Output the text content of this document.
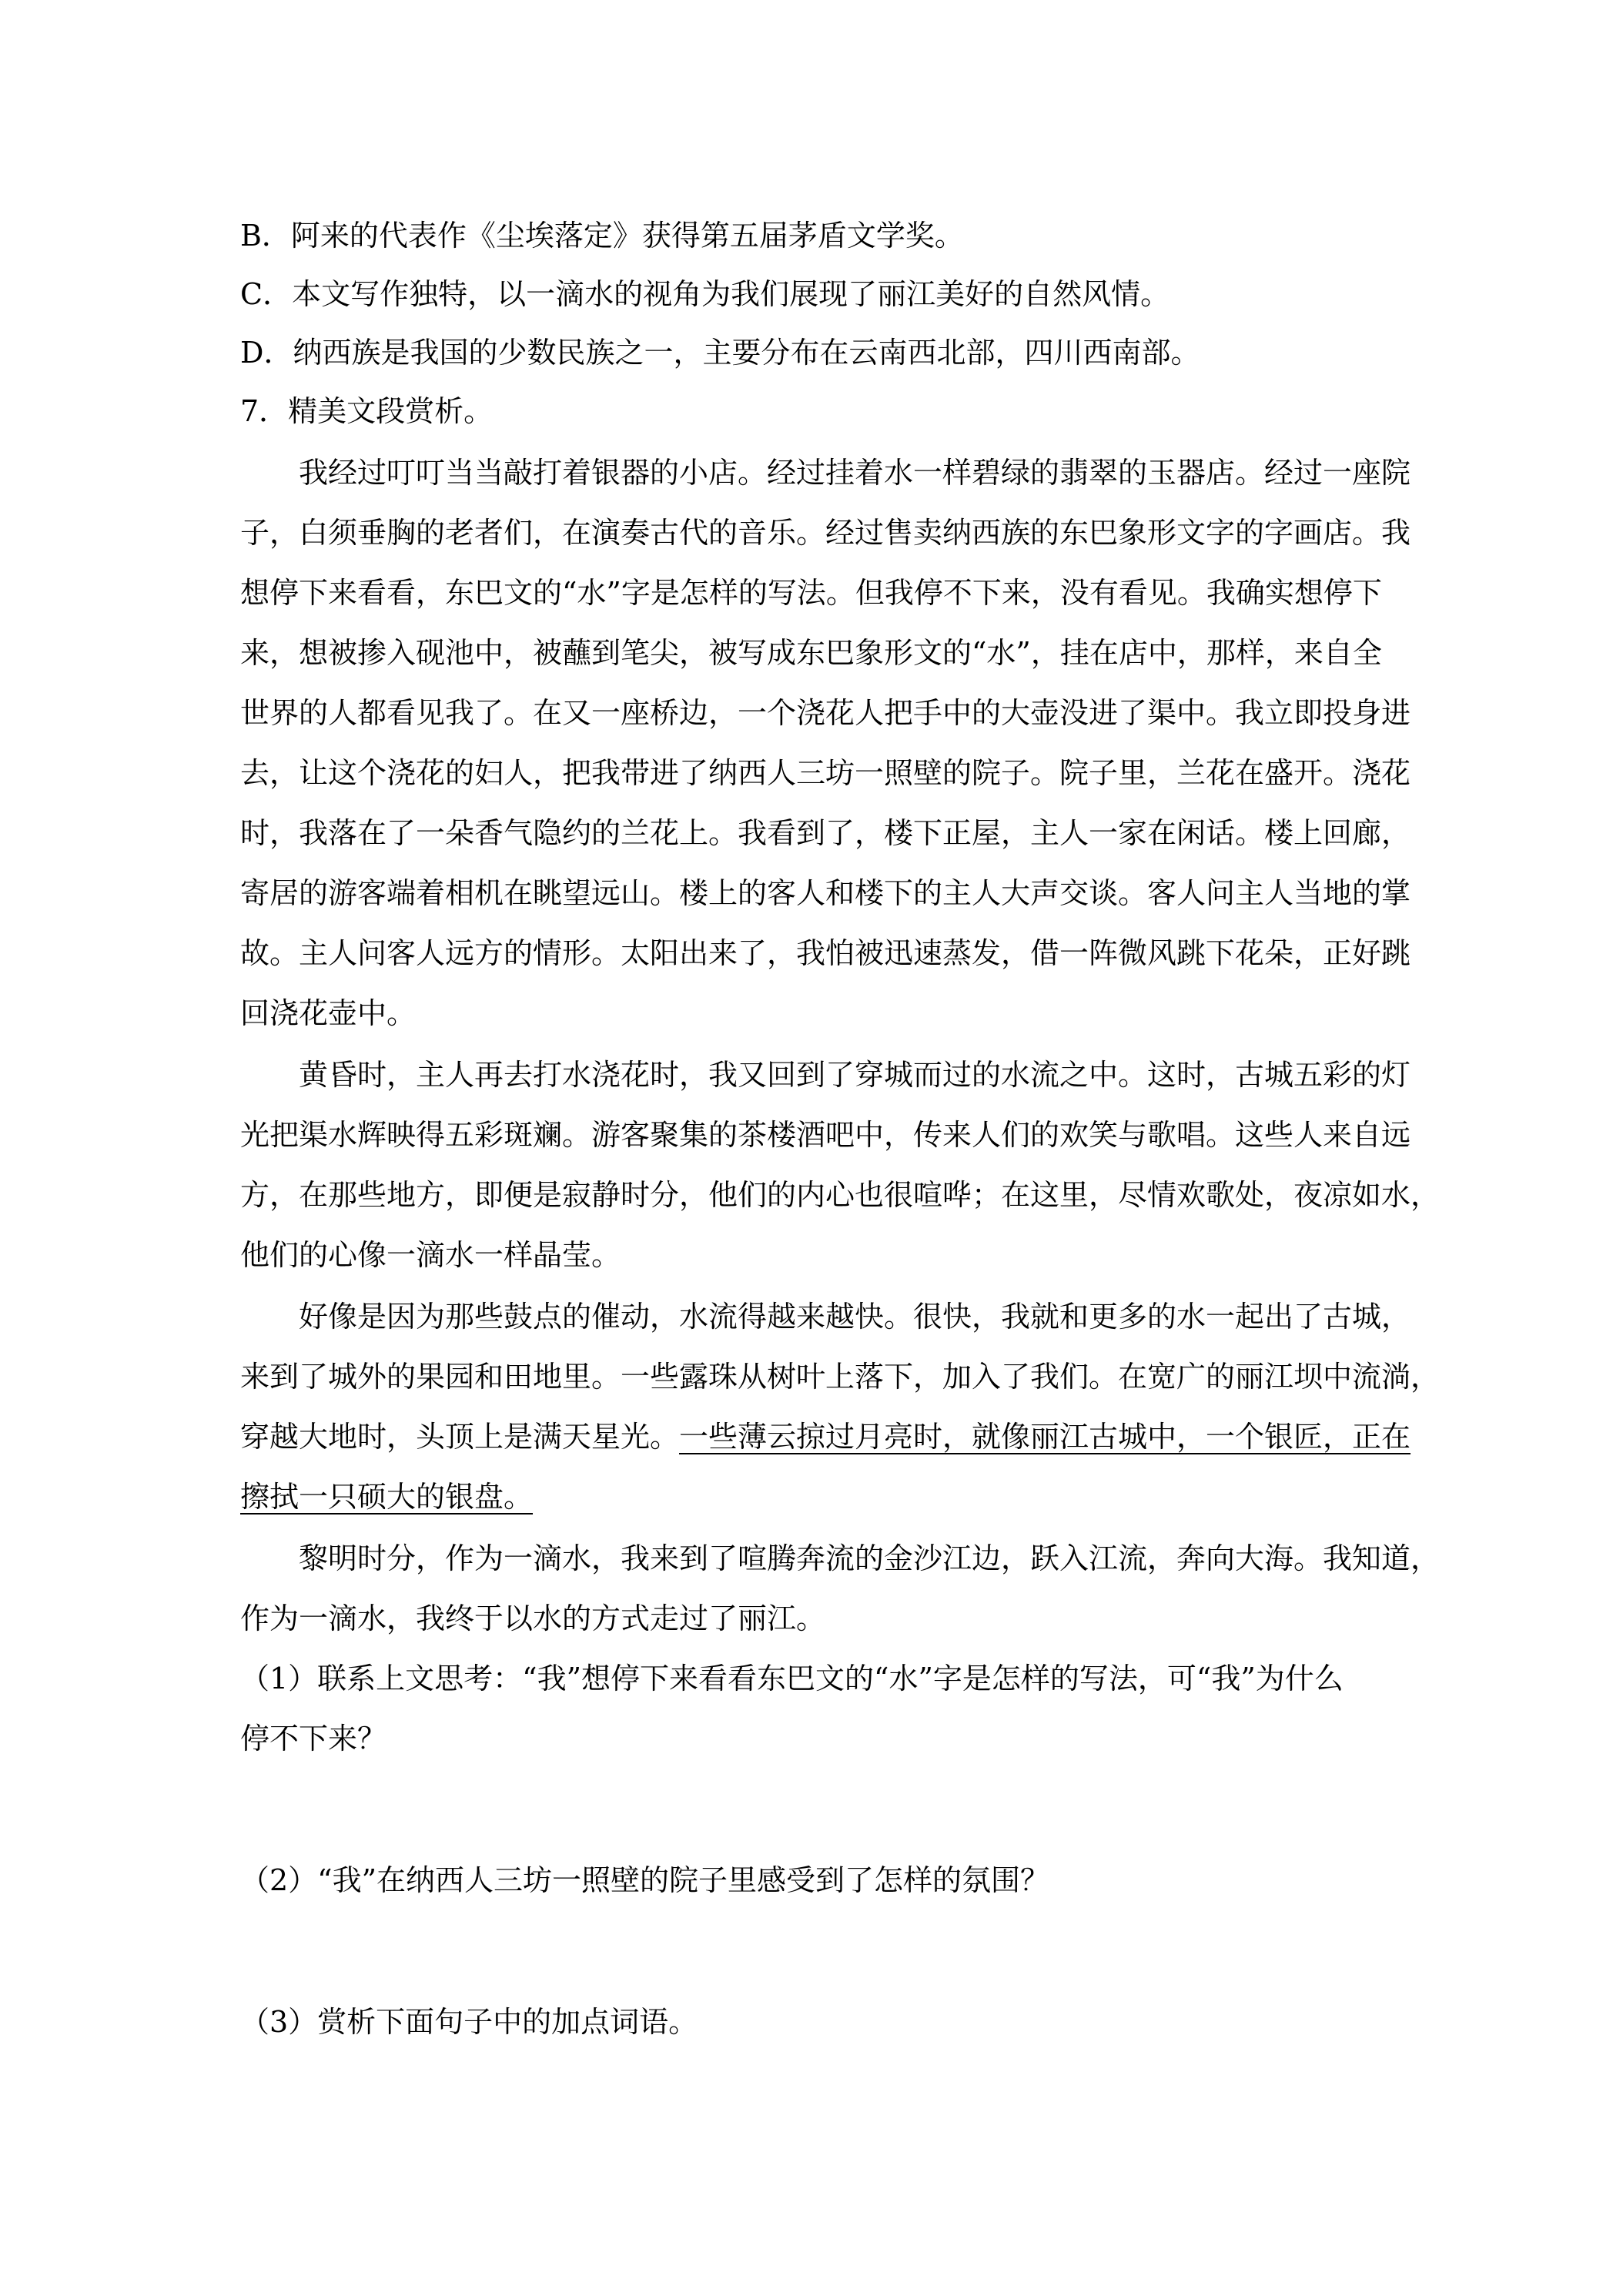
B．阿来的代表作《尘埃落定》获得第五届茅盾文学奖。

C．本文写作独特，以一滴水的视角为我们展现了丽江美好的自然风情。

D．纳西族是我国的少数民族之一，主要分布在云南西北部，四川西南部。

7．精美文段赏析。

我经过叮叮当当敲打着银器的小店。经过挂着水一样碧绿的翡翠的玉器店。经过一座院

子，白须垂胸的老者们，在演奏古代的音乐。经过售卖纳西族的东巴象形文字的字画店。我

想停下来看看，东巴文的“水”字是怎样的写法。但我停不下来，没有看见。我确实想停下

来，想被掺入砚池中，被蘸到笔尖，被写成东巴象形文的“水”，挂在店中，那样，来自全

世界的人都看见我了。在又一座桥边，一个浇花人把手中的大壶没进了渠中。我立即投身进

去，让这个浇花的妇人，把我带进了纳西人三坊一照壁的院子。院子里，兰花在盛开。浇花

时，我落在了一朵香气隐约的兰花上。我看到了，楼下正屋，主人一家在闲话。楼上回廊，

寄居的游客端着相机在眺望远山。楼上的客人和楼下的主人大声交谈。客人问主人当地的掌

故。主人问客人远方的情形。太阳出来了，我怕被迅速蒸发，借一阵微风跳下花朵，正好跳

回浇花壶中。

黄昏时，主人再去打水浇花时，我又回到了穿城而过的水流之中。这时，古城五彩的灯

光把渠水辉映得五彩斑斓。游客聚集的茶楼酒吧中，传来人们的欢笑与歌唱。这些人来自远

方，在那些地方，即便是寂静时分，他们的内心也很喧哗；在这里，尽情欢歌处，夜凉如水，

他们的心像一滴水一样晶莹。

好像是因为那些鼓点的催动，水流得越来越快。很快，我就和更多的水一起出了古城，

来到了城外的果园和田地里。一些露珠从树叶上落下，加入了我们。在宽广的丽江坝中流淌，

穿越大地时，头顶上是满天星光。一些薄云掠过月亮时，就像丽江古城中，一个银匠，正在

擦拭一只硕大的银盘。

黎明时分，作为一滴水，我来到了喧腾奔流的金沙江边，跃入江流，奔向大海。我知道，

作为一滴水，我终于以水的方式走过了丽江。

（1）联系上文思考：“我”想停下来看看东巴文的“水”字是怎样的写法，可“我”为什么

停不下来？

（2）“我”在纳西人三坊一照壁的院子里感受到了怎样的氛围？

（3）赏析下面句子中的加点词语。
